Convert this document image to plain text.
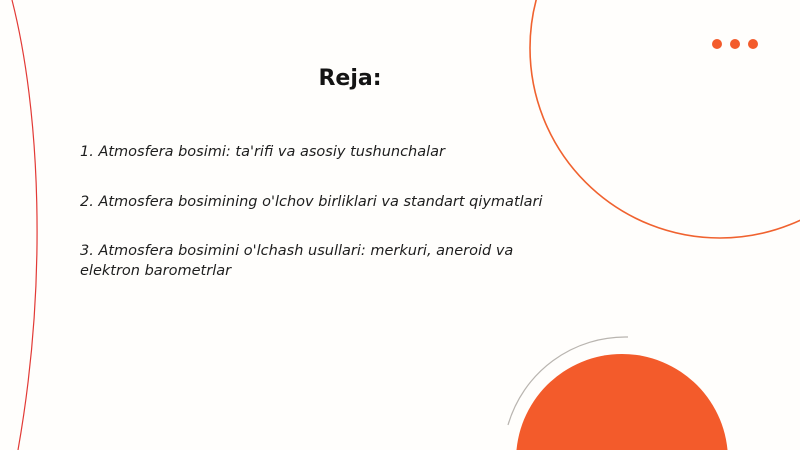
Reja:
1. Atmosfera bosimi: ta'rifi va asosiy tushunchalar
2. Atmosfera bosimining o'lchov birliklari va standart qiymatlari
3. Atmosfera bosimini o'lchash usullari: merkuri, aneroid va elektron barometrlar
